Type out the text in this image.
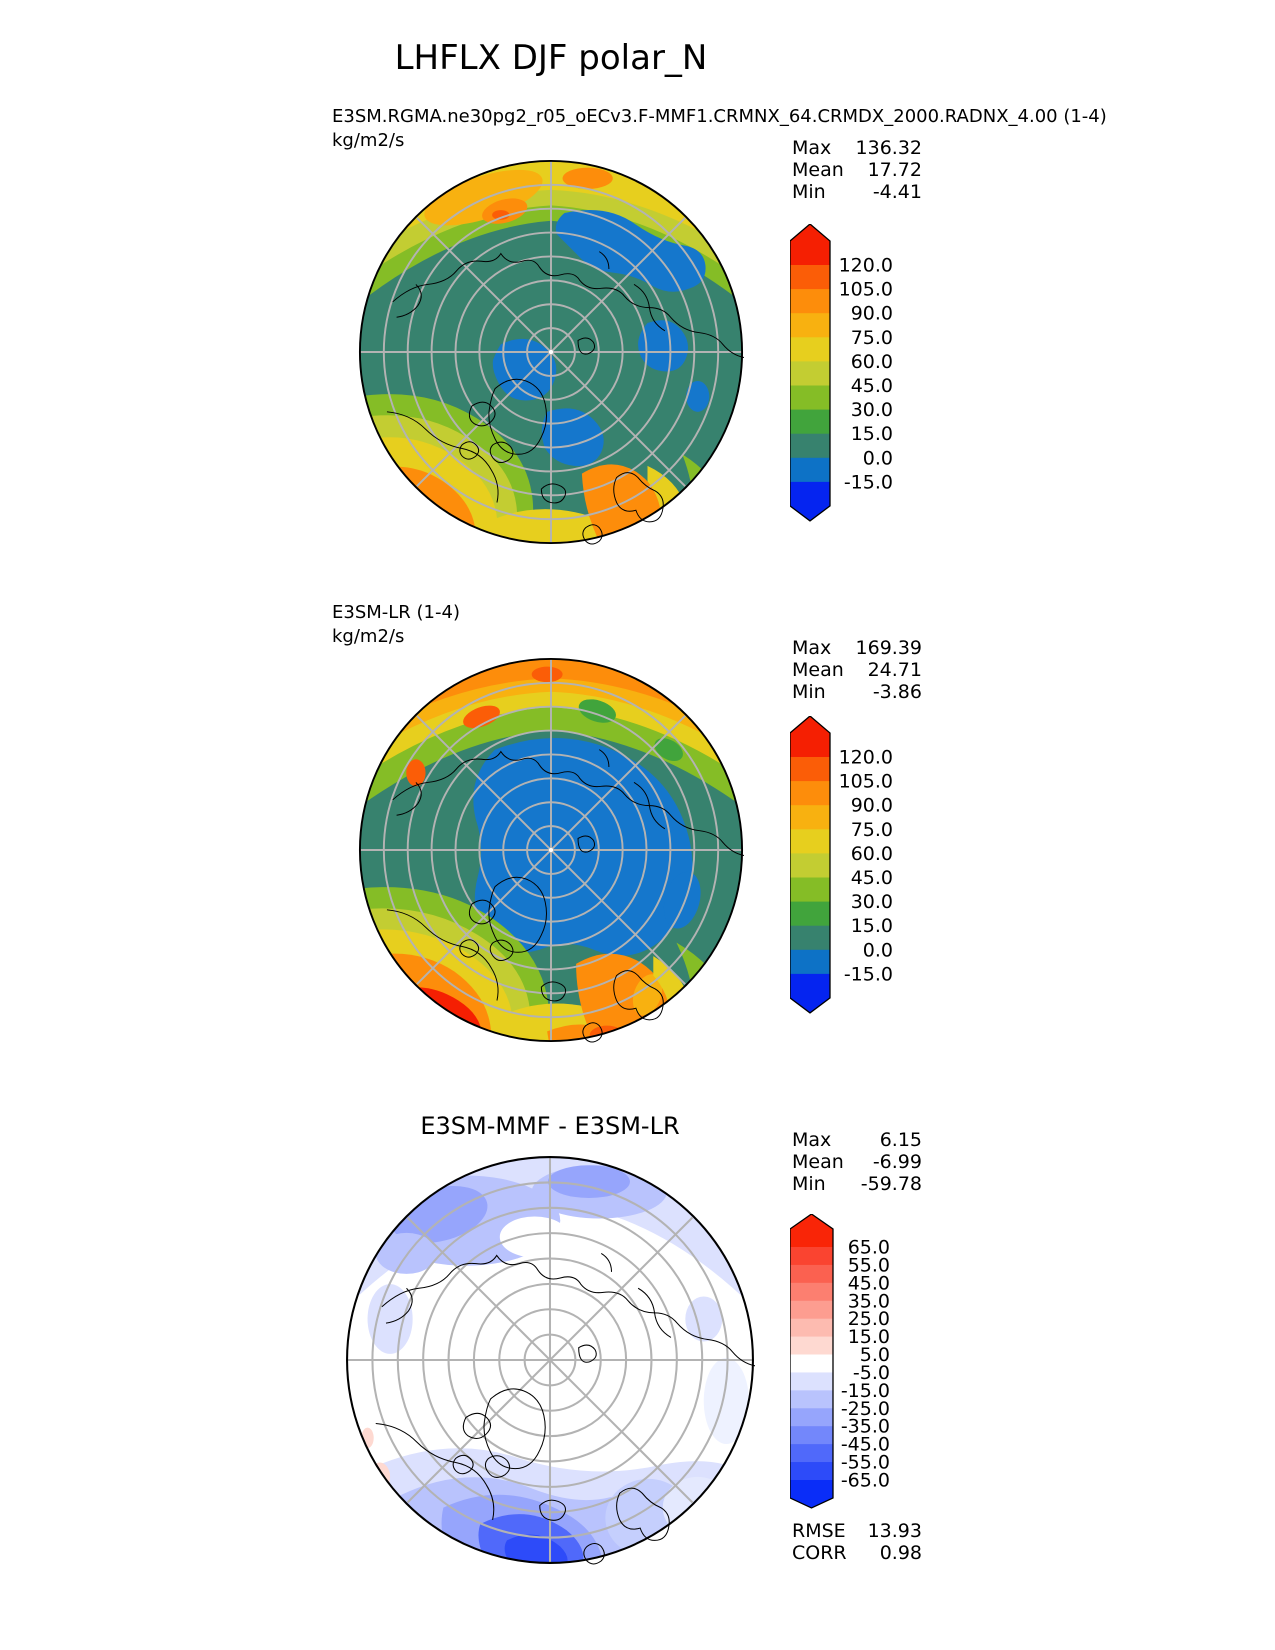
LHFLX DJF polar_N
E3SM.RGMA.ne30pg2_r05_oECv3.F-MMF1.CRMNX_64.CRMDX_2000.RADNX_4.00 (1-4)
kg/m2/s	Max 136.32
Mean 17.72
Min -4.41
120.0
105.0
90.0
75.0
60.0
45.0
30.0
15.0
0.0
-15.0
E3SM-LR (1-4)
kg/m2/s
Max 169.39
Mean 24.71
Min -3.86
120.0
105.0
90.0
75.0
60.0
45.0
30.0
15.0
0.0
-15.0
E3SM-MMF - E3SM-LR	Max	6.15
Mean -6.99
Min -59.78
65.0
55.0
45.0
35.0
25.0
15.0
5.0
-5.0
-15.0
-25.0
-35.0
-45.0
-55.0
-65.0
RMSE 13.93
CORR 0.98
